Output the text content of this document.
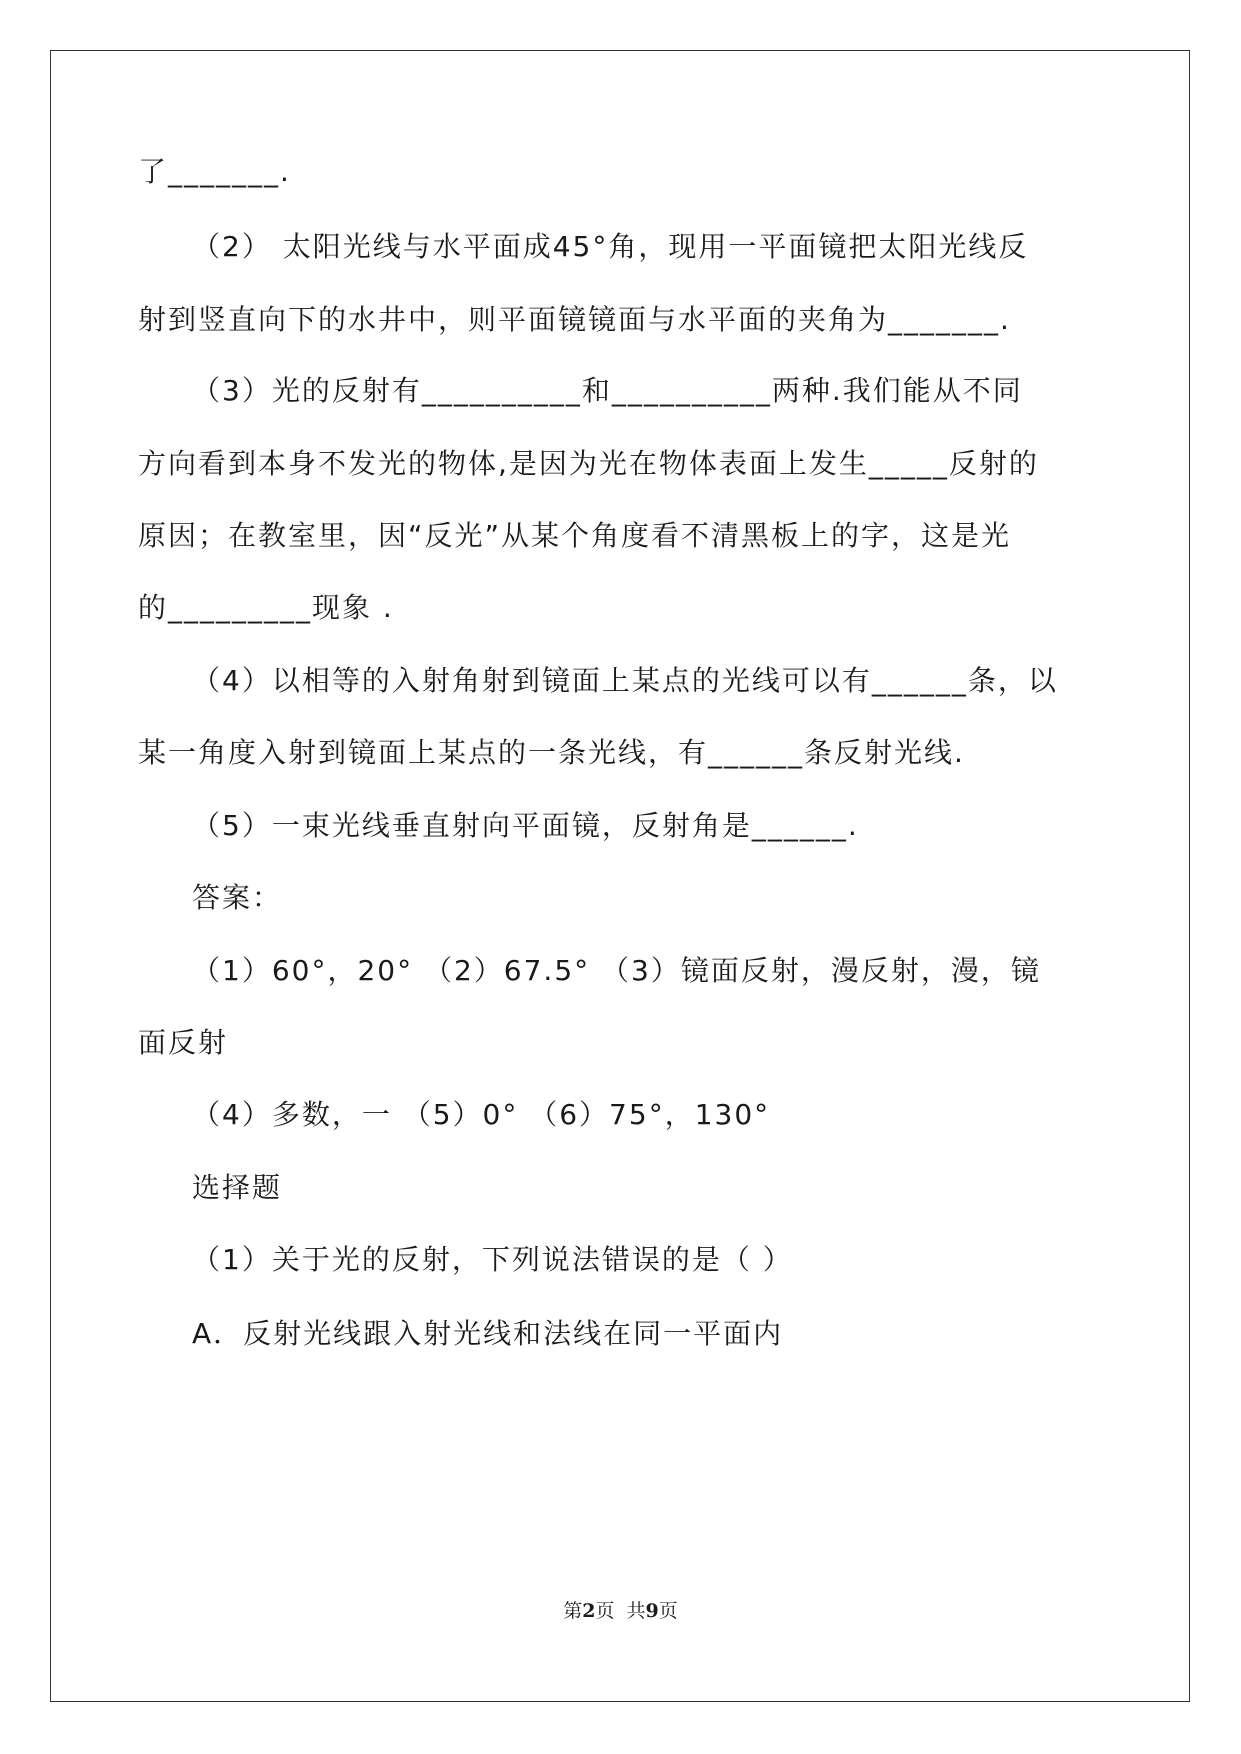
了_______.
（2） 太阳光线与水平面成45°角，现用一平面镜把太阳光线反
射到竖直向下的水井中，则平面镜镜面与水平面的夹角为_______.
（3）光的反射有__________和__________两种.我们能从不同
方向看到本身不发光的物体,是因为光在物体表面上发生_____反射的
原因；在教室里，因“反光”从某个角度看不清黑板上的字，这是光
的_________现象 .
（4）以相等的入射角射到镜面上某点的光线可以有______条，以
某一角度入射到镜面上某点的一条光线，有______条反射光线.
（5）一束光线垂直射向平面镜，反射角是______.
答案：
（1）60°，20° （2）67.5° （3）镜面反射，漫反射，漫，镜
面反射
（4）多数，一 （5）0° （6）75°，130°
选择题
（1）关于光的反射，下列说法错误的是（ ）
A．反射光线跟入射光线和法线在同一平面内
第2页  共9页
